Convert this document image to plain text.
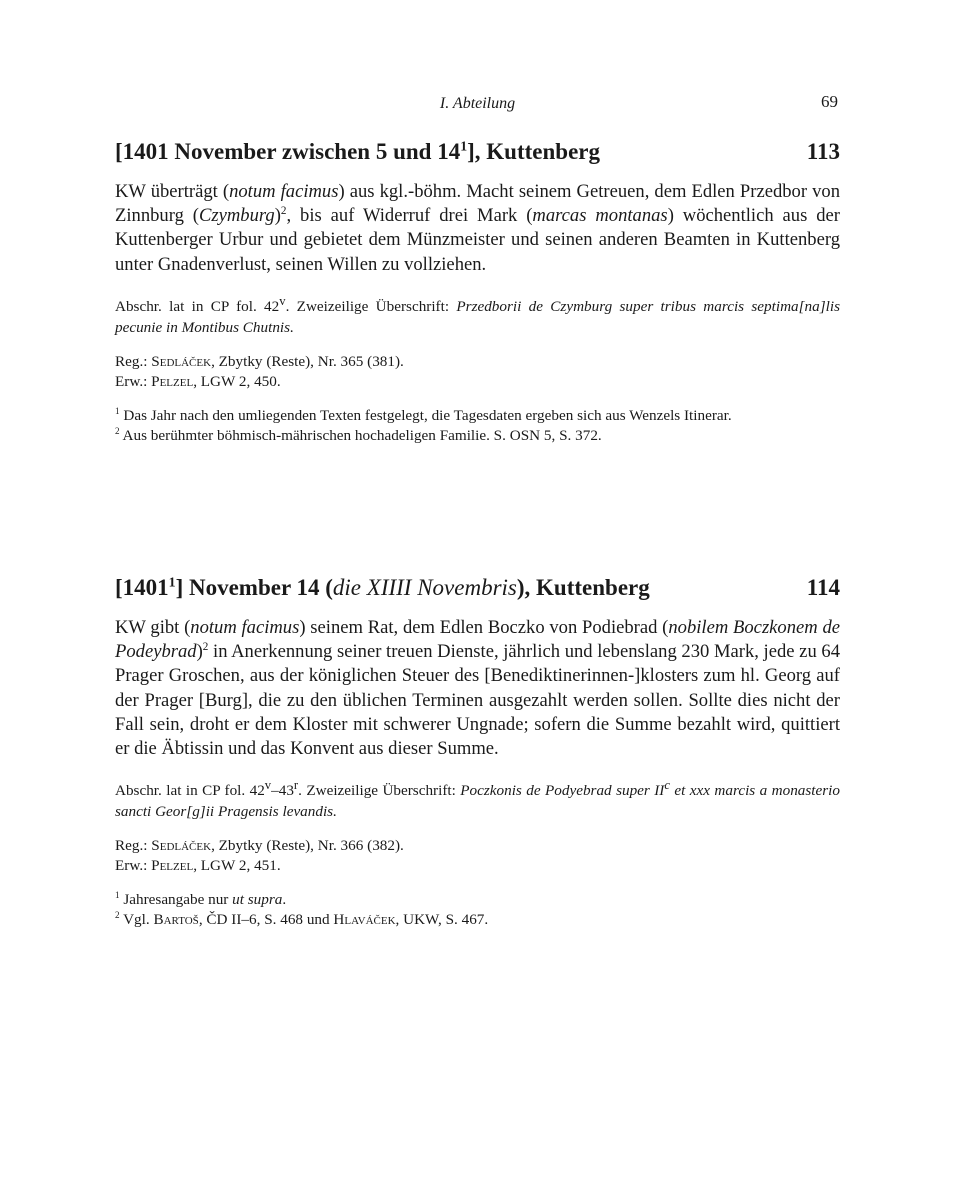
I. Abteilung	69
[1401 November zwischen 5 und $14^1$], Kuttenberg	113
KW überträgt (notum facimus) aus kgl.-böhm. Macht seinem Getreuen, dem Edlen Przedbor von Zinnburg (Czymburg)$^2$, bis auf Widerruf drei Mark (marcas montanas) wöchentlich aus der Kuttenberger Urbur und gebietet dem Münzmeister und seinen anderen Beamten in Kuttenberg unter Gnadenverlust, seinen Willen zu vollziehen.
Abschr. lat in CP fol. 42$^v$. Zweizeilige Überschrift: Przedborii de Czymburg super tribus marcis septima[na]lis pecunie in Montibus Chutnis.
Reg.: Sedláček, Zbytky (Reste), Nr. 365 (381).
Erw.: Pelzel, LGW 2, 450.
$^1$ Das Jahr nach den umliegenden Texten festgelegt, die Tagesdaten ergeben sich aus Wenzels Itinerar.
$^2$ Aus berühmter böhmisch-mährischen hochadeligen Familie. S. OSN 5, S. 372.
[1401$^1$] November 14 (die XIIII Novembris), Kuttenberg	114
KW gibt (notum facimus) seinem Rat, dem Edlen Boczko von Podiebrad (nobilem Boczkonem de Podeybrad)$^2$ in Anerkennung seiner treuen Dienste, jährlich und lebenslang 230 Mark, jede zu 64 Prager Groschen, aus der königlichen Steuer des [Benediktinerinnen-]klosters zum hl. Georg auf der Prager [Burg], die zu den üblichen Terminen ausgezahlt werden sollen. Sollte dies nicht der Fall sein, droht er dem Kloster mit schwerer Ungnade; sofern die Summe bezahlt wird, quittiert er die Äbtissin und das Konvent aus dieser Summe.
Abschr. lat in CP fol. 42$^v$–43$^r$. Zweizeilige Überschrift: Poczkonis de Podyebrad super $II^c$ et xxx marcis a monasterio sancti Geor[g]ii Pragensis levandis.
Reg.: Sedláček, Zbytky (Reste), Nr. 366 (382).
Erw.: Pelzel, LGW 2, 451.
$^1$ Jahresangabe nur ut supra.
$^2$ Vgl. Bartoš, ČD II–6, S. 468 und Hlaváček, UKW, S. 467.
